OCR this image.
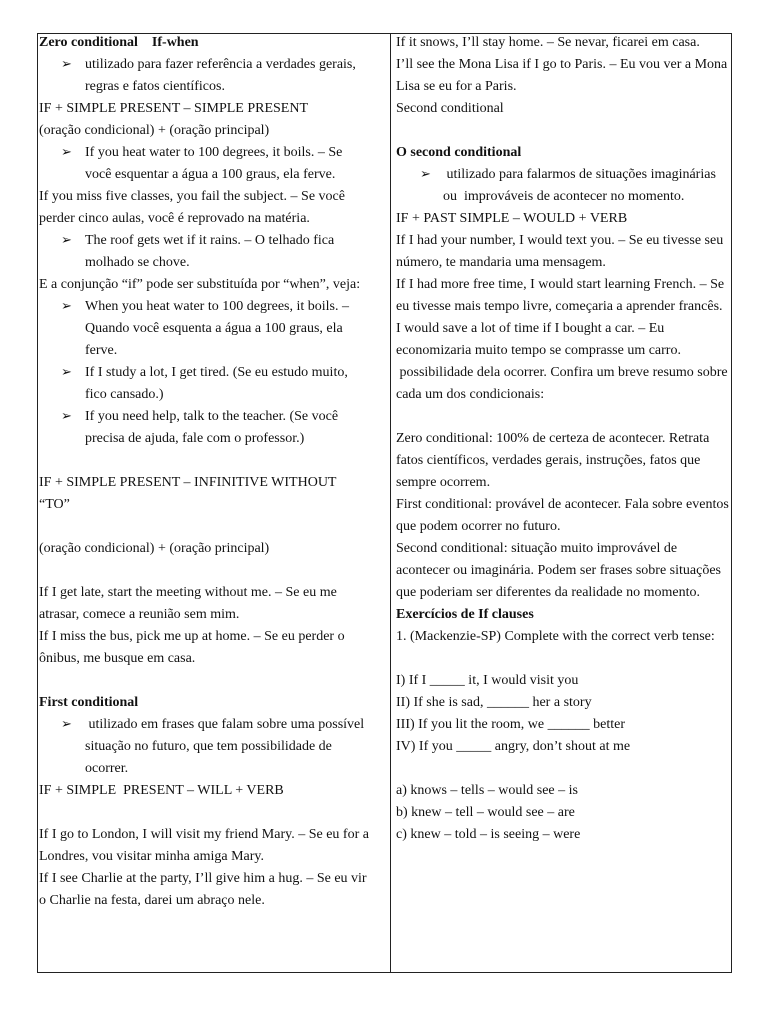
Zero conditional    If-when

➢ utilizado para fazer referência a verdades gerais, regras e fatos científicos.

IF + SIMPLE PRESENT – SIMPLE PRESENT

(oração condicional) + (oração principal)

➢ If you heat water to 100 degrees, it boils. – Se você esquentar a água a 100 graus, ela ferve.

If you miss five classes, you fail the subject. – Se você perder cinco aulas, você é reprovado na matéria.

➢ The roof gets wet if it rains. – O telhado fica molhado se chove.

E a conjunção “if” pode ser substituída por “when”, veja:

➢ When you heat water to 100 degrees, it boils. – Quando você esquenta a água a 100 graus, ela ferve.
➢ If I study a lot, I get tired. (Se eu estudo muito, fico cansado.)
➢ If you need help, talk to the teacher. (Se você precisa de ajuda, fale com o professor.)

IF + SIMPLE PRESENT – INFINITIVE WITHOUT “TO”

(oração condicional) + (oração principal)

If I get late, start the meeting without me. – Se eu me atrasar, comece a reunião sem mim.

If I miss the bus, pick me up at home. – Se eu perder o ônibus, me busque em casa.

First conditional

➢ utilizado em frases que falam sobre uma possível situação no futuro, que tem possibilidade de ocorrer.

IF + SIMPLE  PRESENT – WILL + VERB

If I go to London, I will visit my friend Mary. – Se eu for a Londres, vou visitar minha amiga Mary.

If I see Charlie at the party, I’ll give him a hug. – Se eu vir o Charlie na festa, darei um abraço nele.

If it snows, I’ll stay home. – Se nevar, ficarei em casa.

I’ll see the Mona Lisa if I go to Paris. – Eu vou ver a Mona Lisa se eu for a Paris.

Second conditional

O second conditional

➢ utilizado para falarmos de situações imaginárias ou  improváveis de acontecer no momento.

IF + PAST SIMPLE – WOULD + VERB

If I had your number, I would text you. – Se eu tivesse seu número, te mandaria uma mensagem.

If I had more free time, I would start learning French. – Se eu tivesse mais tempo livre, começaria a aprender francês.

I would save a lot of time if I bought a car. – Eu economizaria muito tempo se comprasse um carro.

possibilidade dela ocorrer. Confira um breve resumo sobre cada um dos condicionais:

Zero conditional: 100% de certeza de acontecer. Retrata fatos científicos, verdades gerais, instruções, fatos que sempre ocorrem.

First conditional: provável de acontecer. Fala sobre eventos que podem ocorrer no futuro.

Second conditional: situação muito improvável de acontecer ou imaginária. Podem ser frases sobre situações que poderiam ser diferentes da realidade no momento.

Exercícios de If clauses

1. (Mackenzie-SP) Complete with the correct verb tense:

I) If I _____ it, I would visit you

II) If she is sad, ______ her a story

III) If you lit the room, we ______ better

IV) If you _____ angry, don’t shout at me

a) knows – tells – would see – is

b) knew – tell – would see – are

c) knew – told – is seeing – were
